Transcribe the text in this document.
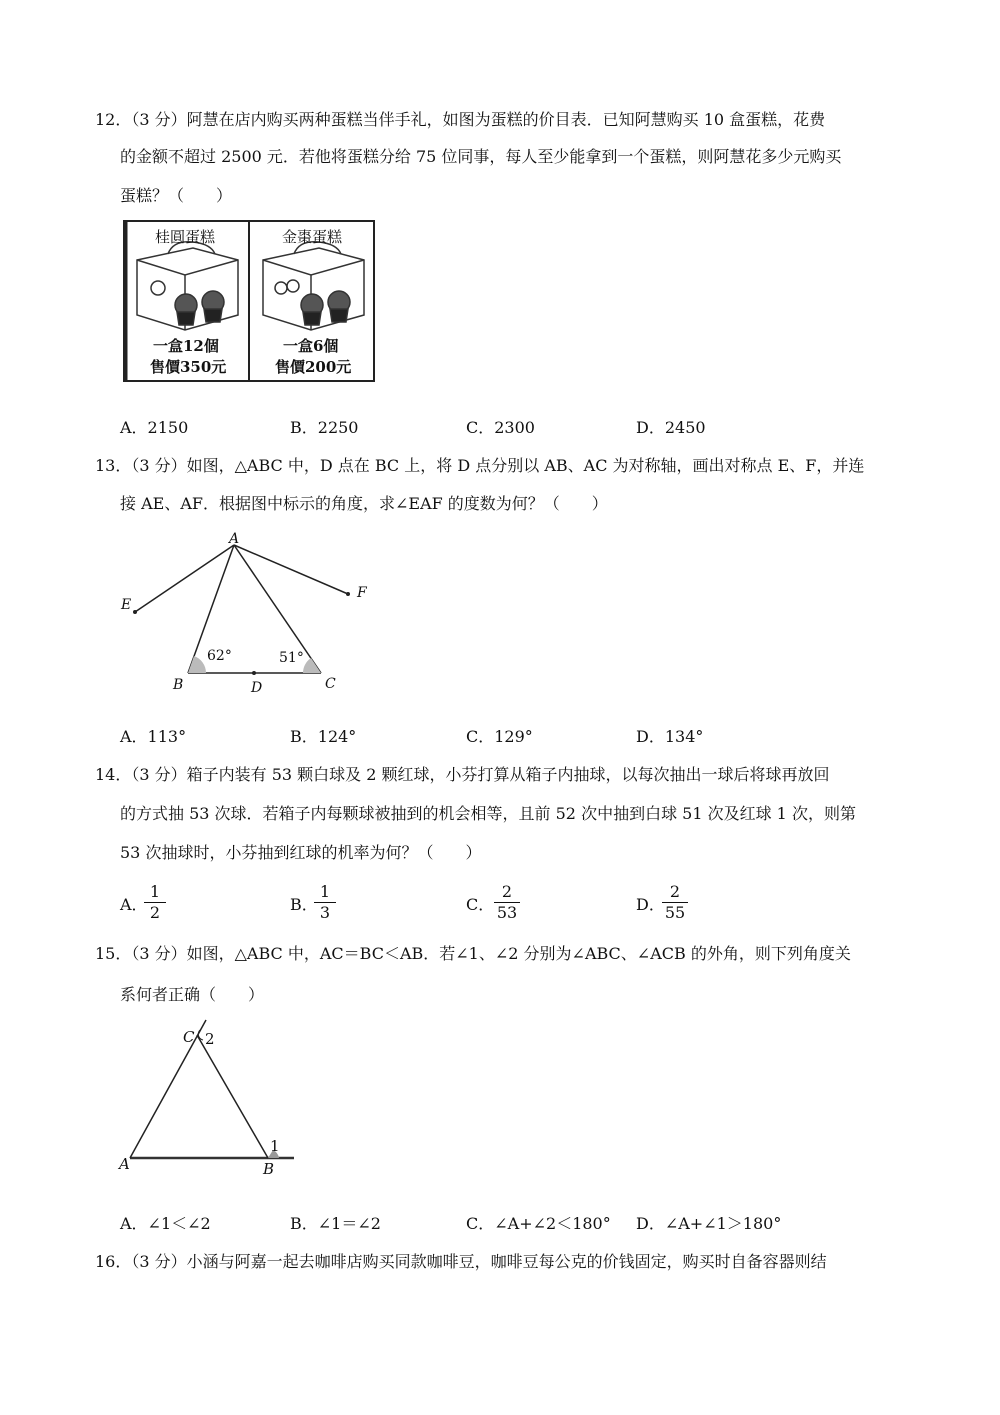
12．（3 分）阿慧在店内购买两种蛋糕当伴手礼，如图为蛋糕的价目表．已知阿慧购买 10 盒蛋糕，花费
的金额不超过 2500 元．若他将蛋糕分给 75 位同事，每人至少能拿到一个蛋糕，则阿慧花多少元购买
蛋糕？（　　）
桂圓蛋糕
一盒12個
售價350元
金棗蛋糕
一盒6個
售價200元
A．2150	B．2250	C．2300	D．2450
13．（3 分）如图，△ABC 中，D 点在 BC 上，将 D 点分别以 AB、AC 为对称轴，画出对称点 E、F，并连
接 AE、AF．根据图中标示的角度，求∠EAF 的度数为何？（　　）
A
E
F
B	D	C
62°	51°
A．113°	B．124°	C．129°	D．134°
14．（3 分）箱子内装有 53 颗白球及 2 颗红球，小芬打算从箱子内抽球，以每次抽出一球后将球再放回
的方式抽 53 次球．若箱子内每颗球被抽到的机会相等，且前 52 次中抽到白球 51 次及红球 1 次，则第
53 次抽球时，小芬抽到红球的机率为何？（　　）
A．
1
2	B．
1
3	C．
2
53	D．
2
55
15．（3 分）如图，△ABC 中，AC＝BC＜AB．若∠1、∠2 分别为∠ABC、∠ACB 的外角，则下列角度关
系何者正确（　　）
C 2
1
A	B
A．∠1＜∠2	B．∠1＝∠2	C．∠A+∠2＜180° D．∠A+∠1＞180°
16．（3 分）小涵与阿嘉一起去咖啡店购买同款咖啡豆，咖啡豆每公克的价钱固定，购买时自备容器则结
